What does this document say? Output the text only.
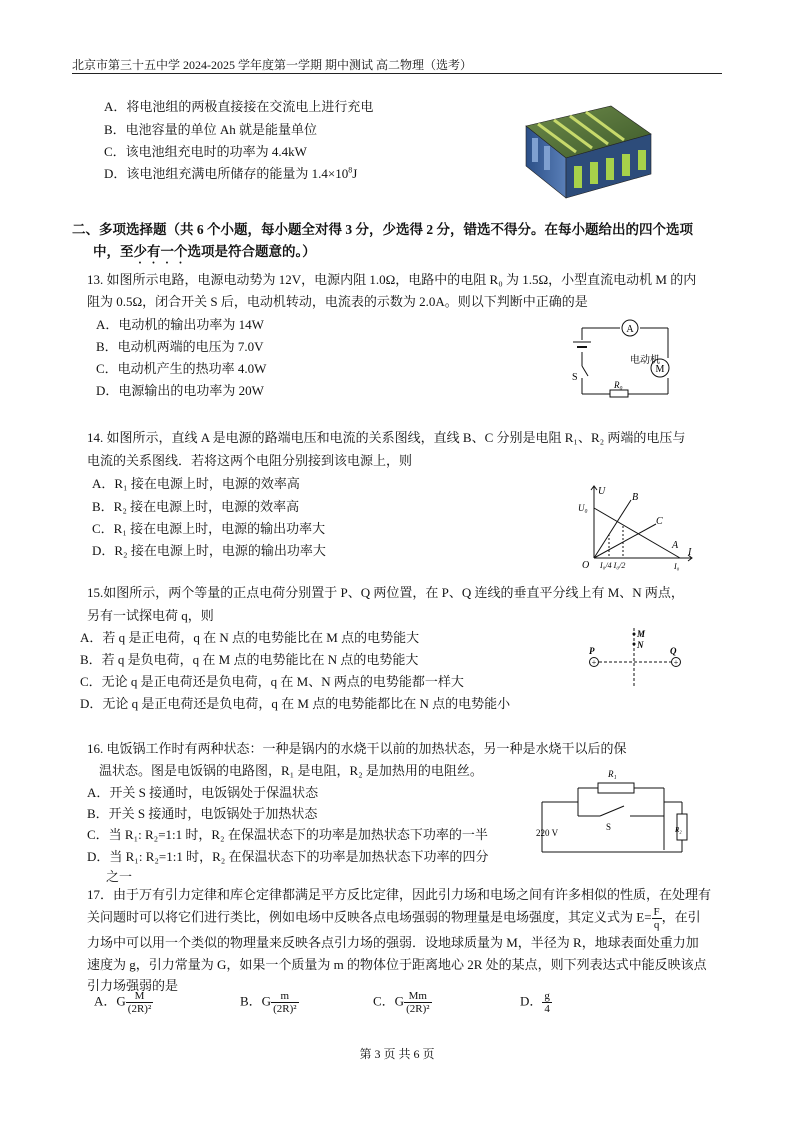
北京市第三十五中学 2024-2025 学年度第一学期 期中测试 高二物理（选考）
A．将电池组的两极直接接在交流电上进行充电
B．电池容量的单位 Ah 就是能量单位
C．该电池组充电时的功率为 4.4kW
D．该电池组充满电所储存的能量为 $1.4\times 10^8J$
二、多项选择题（共 6 个小题，每小题全对得 3 分，少选得 2 分，错选不得分。在每小题给出的四个选项
中，至少有一个选项是符合题意的。）
13. 如图所示电路，电源电动势为 12V，电源内阻 1.0Ω，电路中的电阻 R₀ 为 1.5Ω，小型直流电动机 M 的内
阻为 0.5Ω，闭合开关 S 后，电动机转动，电流表的示数为 2.0A。则以下判断中正确的是
A．电动机的输出功率为 14W
B．电动机两端的电压为 7.0V
C．电动机产生的热功率 4.0W
D．电源输出的电功率为 20W
A
电动机
M
S
R₀
14. 如图所示，直线 A 是电源的路端电压和电流的关系图线，直线 B、C 分别是电阻 R₁、R₂ 两端的电压与
电流的关系图线．若将这两个电阻分别接到该电源上，则
A．R₁ 接在电源上时，电源的效率高
B．R₂ 接在电源上时，电源的效率高
C．R₁ 接在电源上时，电源的输出功率大
D．R₂ 接在电源上时，电源的输出功率大
U
U₀
B
C
A
O I₀/4 I₀/2	I₀
I
15.如图所示，两个等量的正点电荷分别置于 P、Q 两位置，在 P、Q 连线的垂直平分线上有 M、N 两点，
另有一试探电荷 q，则
A．若 q 是正电荷，q 在 N 点的电势能比在 M 点的电势能大
B．若 q 是负电荷，q 在 M 点的电势能比在 N 点的电势能大
C．无论 q 是正电荷还是负电荷，q 在 M、N 两点的电势能都一样大
D．无论 q 是正电荷还是负电荷，q 在 M 点的电势能都比在 N 点的电势能小
+	+
P	Q
M
N
16. 电饭锅工作时有两种状态：一种是锅内的水烧干以前的加热状态，另一种是水烧干以后的保
温状态。图是电饭锅的电路图，R₁ 是电阻，R₂ 是加热用的电阻丝。
A．开关 S 接通时，电饭锅处于保温状态
B．开关 S 接通时，电饭锅处于加热状态
C．当 R₁: R₂=1:1 时，R₂ 在保温状态下的功率是加热状态下功率的一半
D．当 R₁: R₂=1:1 时，R₂ 在保温状态下的功率是加热状态下功率的四分
之一
R₁
S	R₂
220 V
17．由于万有引力定律和库仑定律都满足平方反比定律，因此引力场和电场之间有许多相似的性质，在处理有
关问题时可以将它们进行类比，例如电场中反映各点电场强弱的物理量是电场强度，其定义式为 $E= \frac{F}{q}$ ，在引
力场中可以用一个类似的物理量来反映各点引力场的强弱．设地球质量为 M，半径为 R，地球表面处重力加
速度为 g，引力常量为 G，如果一个质量为 m 的物体位于距离地心 2R 处的某点，则下列表达式中能反映该点
引力场强弱的是
A．G $\frac{M}{\text{(2R)²}}$	B．G $\frac{m}{\text{(2R)²}}$	C．G $\frac{Mm}{\text{(2R)²}}$	D． $\frac{g}{4}$
第 3 页 共 6 页
